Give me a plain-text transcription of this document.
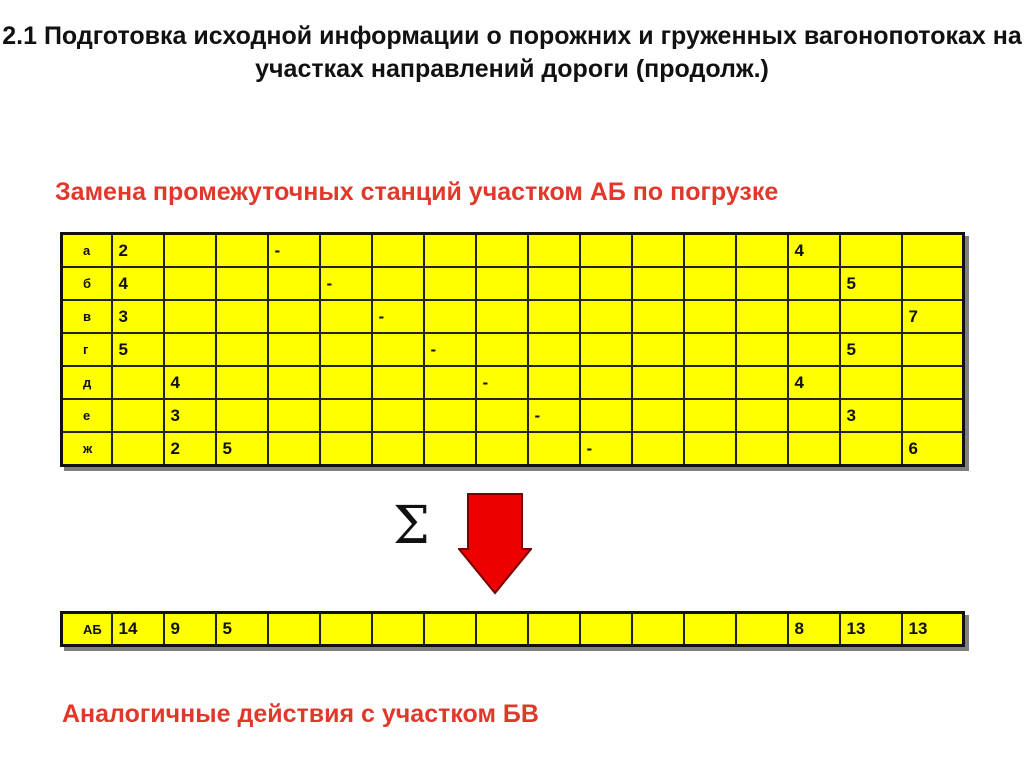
2.1 Подготовка исходной информации о порожних и груженных вагонопотоках на участках направлений дороги (продолж.)
Замена промежуточных станций участком АБ по погрузке
а	2			-										4		
б	4				-										5	
в	3					-										7
г	5						-								5	
д		4						-						4		
е		3							-						3	
ж		2	5							-						6
Σ
АБ	14	9	5											8	13	13
Аналогичные действия с участком БВ
